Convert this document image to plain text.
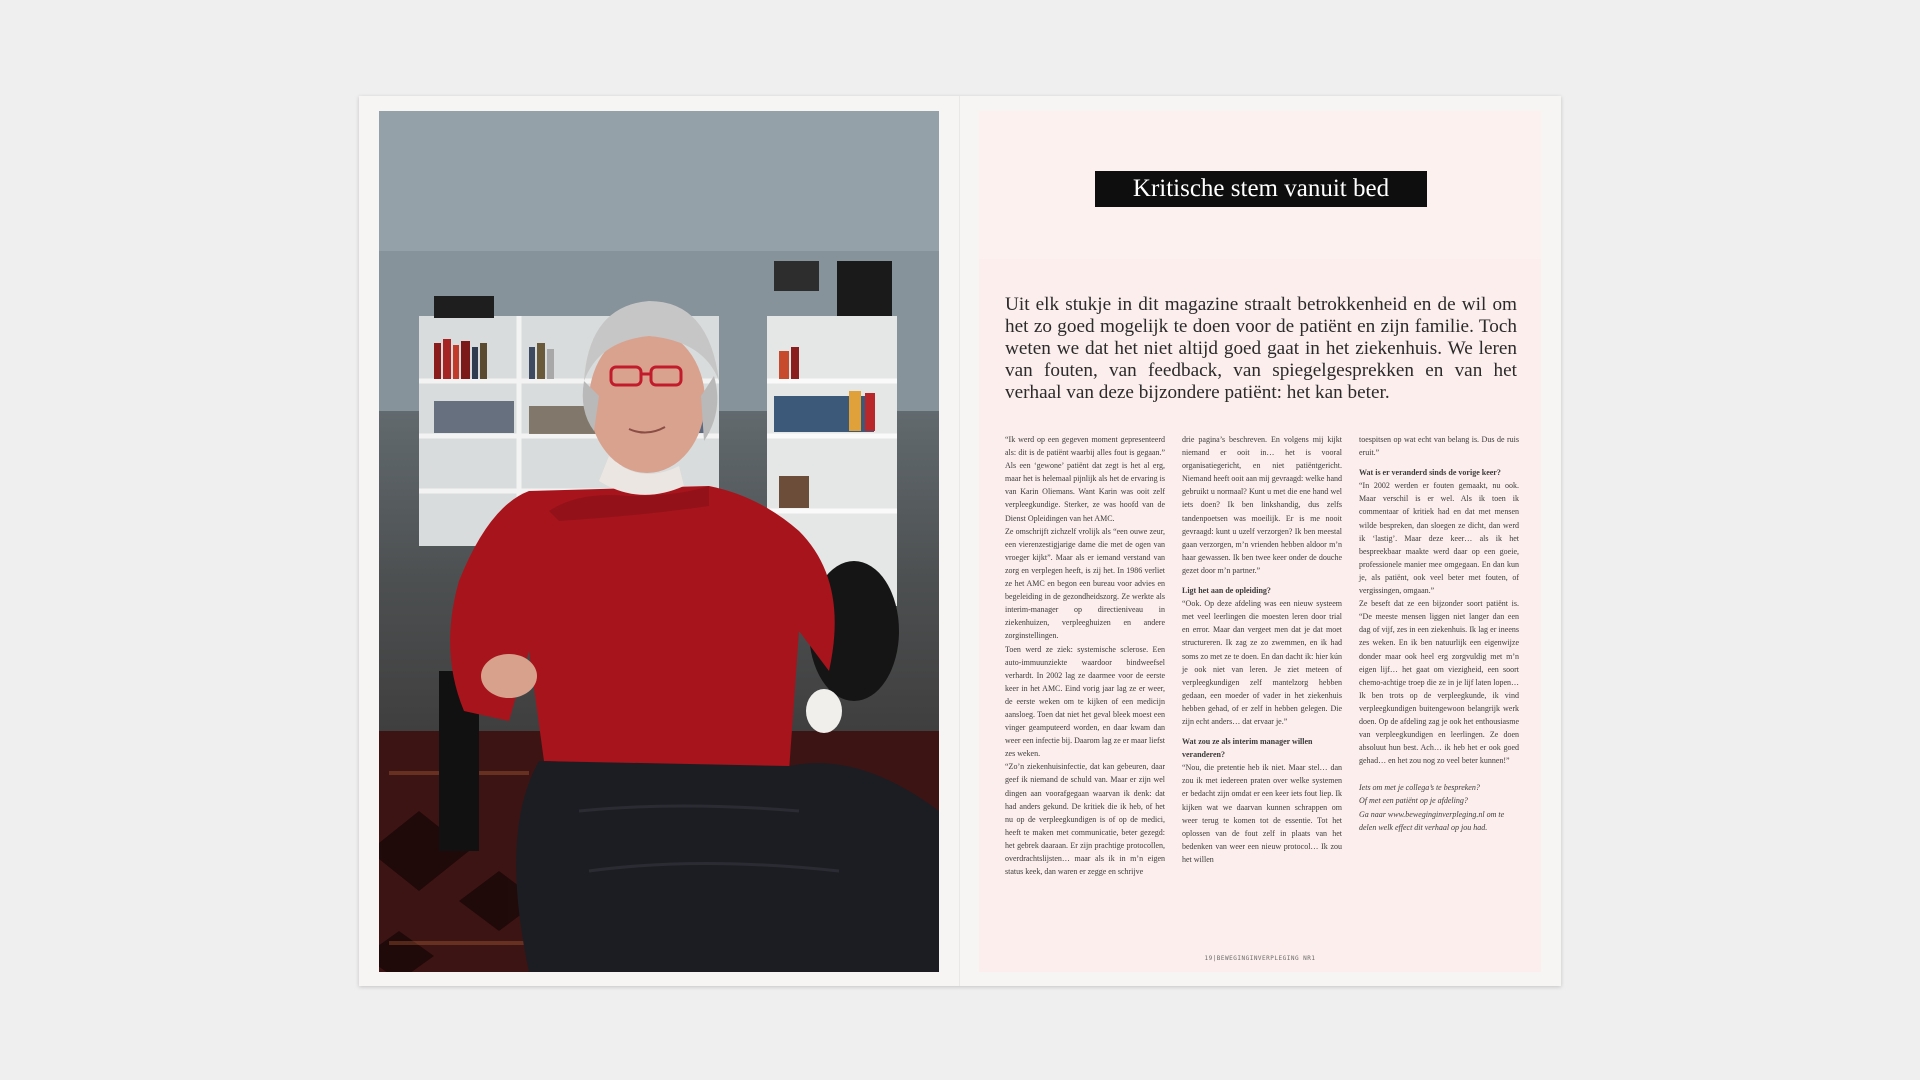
Kritische stem vanuit bed
Uit elk stukje in dit magazine straalt betrokkenheid en de wil om het zo goed mogelijk te doen voor de patiënt en zijn familie. Toch weten we dat het niet altijd goed gaat in het ziekenhuis. We leren van fouten, van feedback, van spiegelgesprekken en van het verhaal van deze bijzondere patiënt: het kan beter.

“Ik werd op een gegeven moment gepresenteerd als: dit is de patiënt waarbij alles fout is gegaan.” Als een ‘gewone’ patiënt dat zegt is het al erg, maar het is helemaal pijnlijk als het de ervaring is van Karin Oliemans. Want Karin was ooit zelf verpleegkundige. Sterker, ze was hoofd van de Dienst Opleidingen van het AMC.

Ze omschrijft zichzelf vrolijk als “een ouwe zeur, een vierenzestigjarige dame die met de ogen van vroeger kijkt”. Maar als er iemand verstand van zorg en verplegen heeft, is zij het. In 1986 verliet ze het AMC en begon een bureau voor advies en begeleiding in de gezondheidszorg. Ze werkte als interim-manager op directieniveau in ziekenhuizen, verpleeghuizen en andere zorginstellingen.

Toen werd ze ziek: systemische sclerose. Een auto-immuunziekte waardoor bindweefsel verhardt. In 2002 lag ze daarmee voor de eerste keer in het AMC. Eind vorig jaar lag ze er weer, de eerste weken om te kijken of een medicijn aansloeg. Toen dat niet het geval bleek moest een vinger geamputeerd worden, en daar kwam dan weer een infectie bij. Daarom lag ze er maar liefst zes weken.

“Zo’n ziekenhuisinfectie, dat kan gebeuren, daar geef ik niemand de schuld van. Maar er zijn wel dingen aan voorafgegaan waarvan ik denk: dat had anders gekund. De kritiek die ik heb, of het nu op de verpleegkundigen is of op de medici, heeft te maken met communicatie, beter gezegd: het gebrek daaraan. Er zijn prachtige protocollen, overdrachtslijsten… maar als ik in m’n eigen status keek, dan waren er zegge en schrijve

drie pagina’s beschreven. En volgens mij kijkt niemand er ooit in… het is vooral organisatiegericht, en niet patiëntgericht. Niemand heeft ooit aan mij gevraagd: welke hand gebruikt u normaal? Kunt u met die ene hand wel iets doen? Ik ben linkshandig, dus zelfs tandenpoetsen was moeilijk. Er is me nooit gevraagd: kunt u uzelf verzorgen? Ik ben meestal gaan verzorgen, m’n vrienden hebben aldoor m’n haar gewassen. Ik ben twee keer onder de douche gezet door m’n partner.”

Ligt het aan de opleiding?

“Ook. Op deze afdeling was een nieuw systeem met veel leerlingen die moesten leren door trial en error. Maar dan vergeet men dat je dat moet structureren. Ik zag ze zo zwemmen, en ik had soms zo met ze te doen. En dan dacht ik: hier kún je ook niet van leren. Je ziet meteen of verpleegkundigen zelf mantelzorg hebben gedaan, een moeder of vader in het ziekenhuis hebben gehad, of er zelf in hebben gelegen. Die zijn echt anders… dat ervaar je.”

Wat zou ze als interim manager willen veranderen?

“Nou, die pretentie heb ik niet. Maar stel… dan zou ik met iedereen praten over welke systemen er bedacht zijn omdat er een keer iets fout liep. Ik kijken wat we daarvan kunnen schrappen om weer terug te komen tot de essentie. Tot het oplossen van de fout zelf in plaats van het bedenken van weer een nieuw protocol… Ik zou het willen

toespitsen op wat echt van belang is. Dus de ruis eruit.”

Wat is er veranderd sinds de vorige keer?

“In 2002 werden er fouten gemaakt, nu ook. Maar verschil is er wel. Als ik toen ik commentaar of kritiek had en dat met mensen wilde bespreken, dan sloegen ze dicht, dan werd ik ‘lastig’. Maar deze keer… als ik het bespreekbaar maakte werd daar op een goeie, professionele manier mee omgegaan. En dan kun je, als patiënt, ook veel beter met fouten, of vergissingen, omgaan.”

Ze beseft dat ze een bijzonder soort patiënt is. “De meeste mensen liggen niet langer dan een dag of vijf, zes in een ziekenhuis. Ik lag er ineens zes weken. En ik ben natuurlijk een eigenwijze donder maar ook heel erg zorgvuldig met m’n eigen lijf… het gaat om viezigheid, een soort chemo-achtige troep die ze in je lijf laten lopen… Ik ben trots op de verpleegkunde, ik vind verpleegkundigen buitengewoon belangrijk werk doen. Op de afdeling zag je ook het enthousiasme van verpleegkundigen en leerlingen. Ze doen absoluut hun best. Ach… ik heb het er ook goed gehad… en het zou nog zo veel beter kunnen!”

Iets om met je collega’s te bespreken?

Of met een patiënt op je afdeling?

Ga naar www.beweginginverpleging.nl om te delen welk effect dit verhaal op jou had.

19|BEWEGINGINVERPLEGING NR1
